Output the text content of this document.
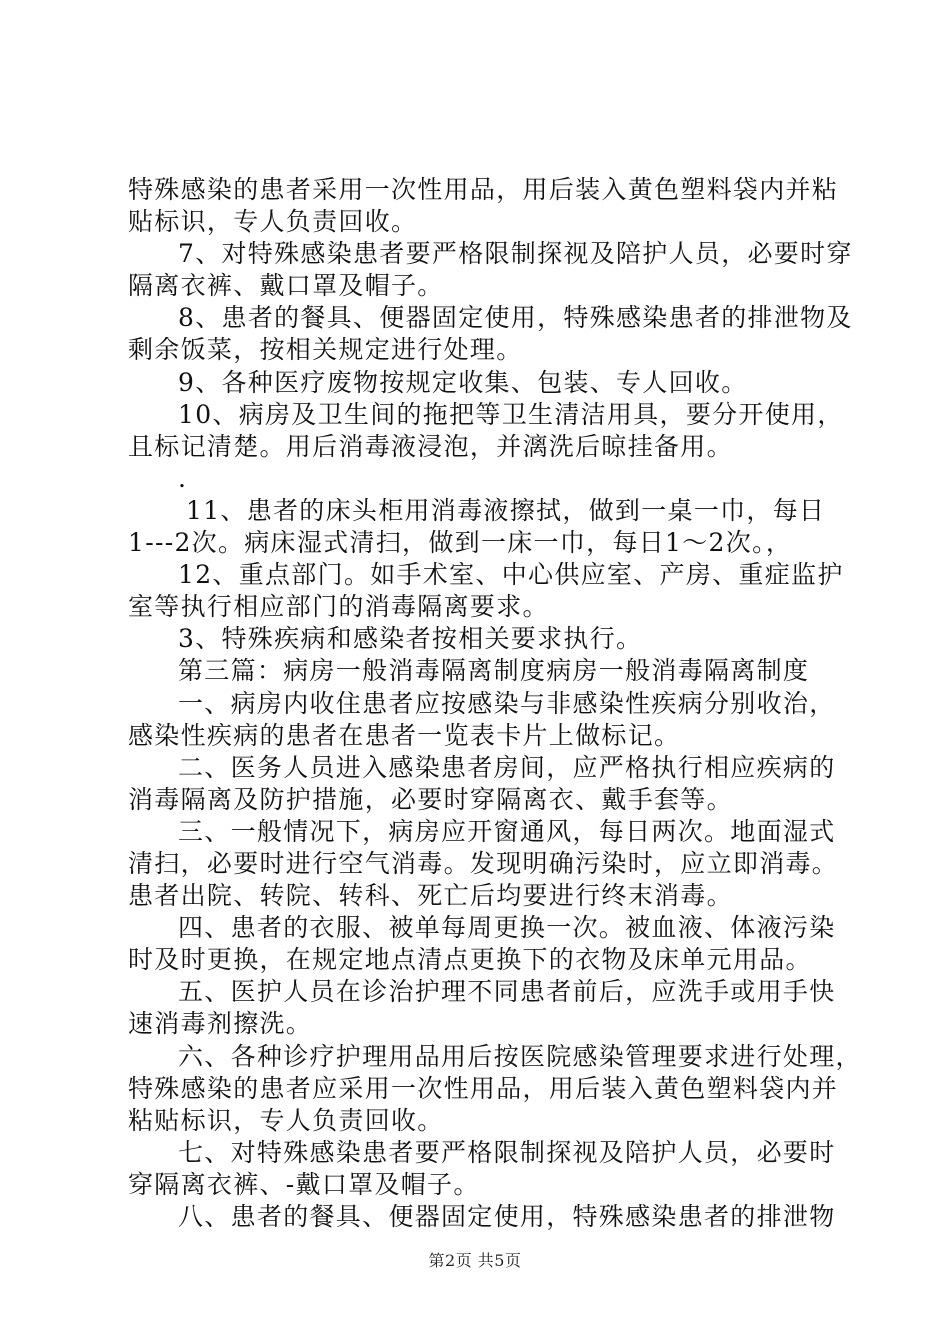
特殊感染的患者采用一次性用品，用后装入黄色塑料袋内并粘

贴标识，专人负责回收。

7、对特殊感染患者要严格限制探视及陪护人员，必要时穿

隔离衣裤、戴口罩及帽子。

8、患者的餐具、便器固定使用，特殊感染患者的排泄物及

剩余饭菜，按相关规定进行处理。

9、各种医疗废物按规定收集、包装、专人回收。

10、病房及卫生间的拖把等卫生清洁用具，要分开使用，

且标记清楚。用后消毒液浸泡，并漓洗后晾挂备用。

.

11、患者的床头柜用消毒液擦拭，做到一桌一巾，每日

1---2次。病床湿式清扫，做到一床一巾，每日1～2次。，

12、重点部门。如手术室、中心供应室、产房、重症监护

室等执行相应部门的消毒隔离要求。

3、特殊疾病和感染者按相关要求执行。

第三篇：病房一般消毒隔离制度病房一般消毒隔离制度

一、病房内收住患者应按感染与非感染性疾病分别收治，

感染性疾病的患者在患者一览表卡片上做标记。

二、医务人员进入感染患者房间，应严格执行相应疾病的

消毒隔离及防护措施，必要时穿隔离衣、戴手套等。

三、一般情况下，病房应开窗通风，每日两次。地面湿式

清扫，必要时进行空气消毒。发现明确污染时，应立即消毒。

患者出院、转院、转科、死亡后均要进行终末消毒。

四、患者的衣服、被单每周更换一次。被血液、体液污染

时及时更换，在规定地点清点更换下的衣物及床单元用品。

五、医护人员在诊治护理不同患者前后，应洗手或用手快

速消毒剂擦洗。

六、各种诊疗护理用品用后按医院感染管理要求进行处理，

特殊感染的患者应采用一次性用品，用后装入黄色塑料袋内并

粘贴标识，专人负责回收。

七、对特殊感染患者要严格限制探视及陪护人员，必要时

穿隔离衣裤、-戴口罩及帽子。

八、患者的餐具、便器固定使用，特殊感染患者的排泄物

第2页 共5页
